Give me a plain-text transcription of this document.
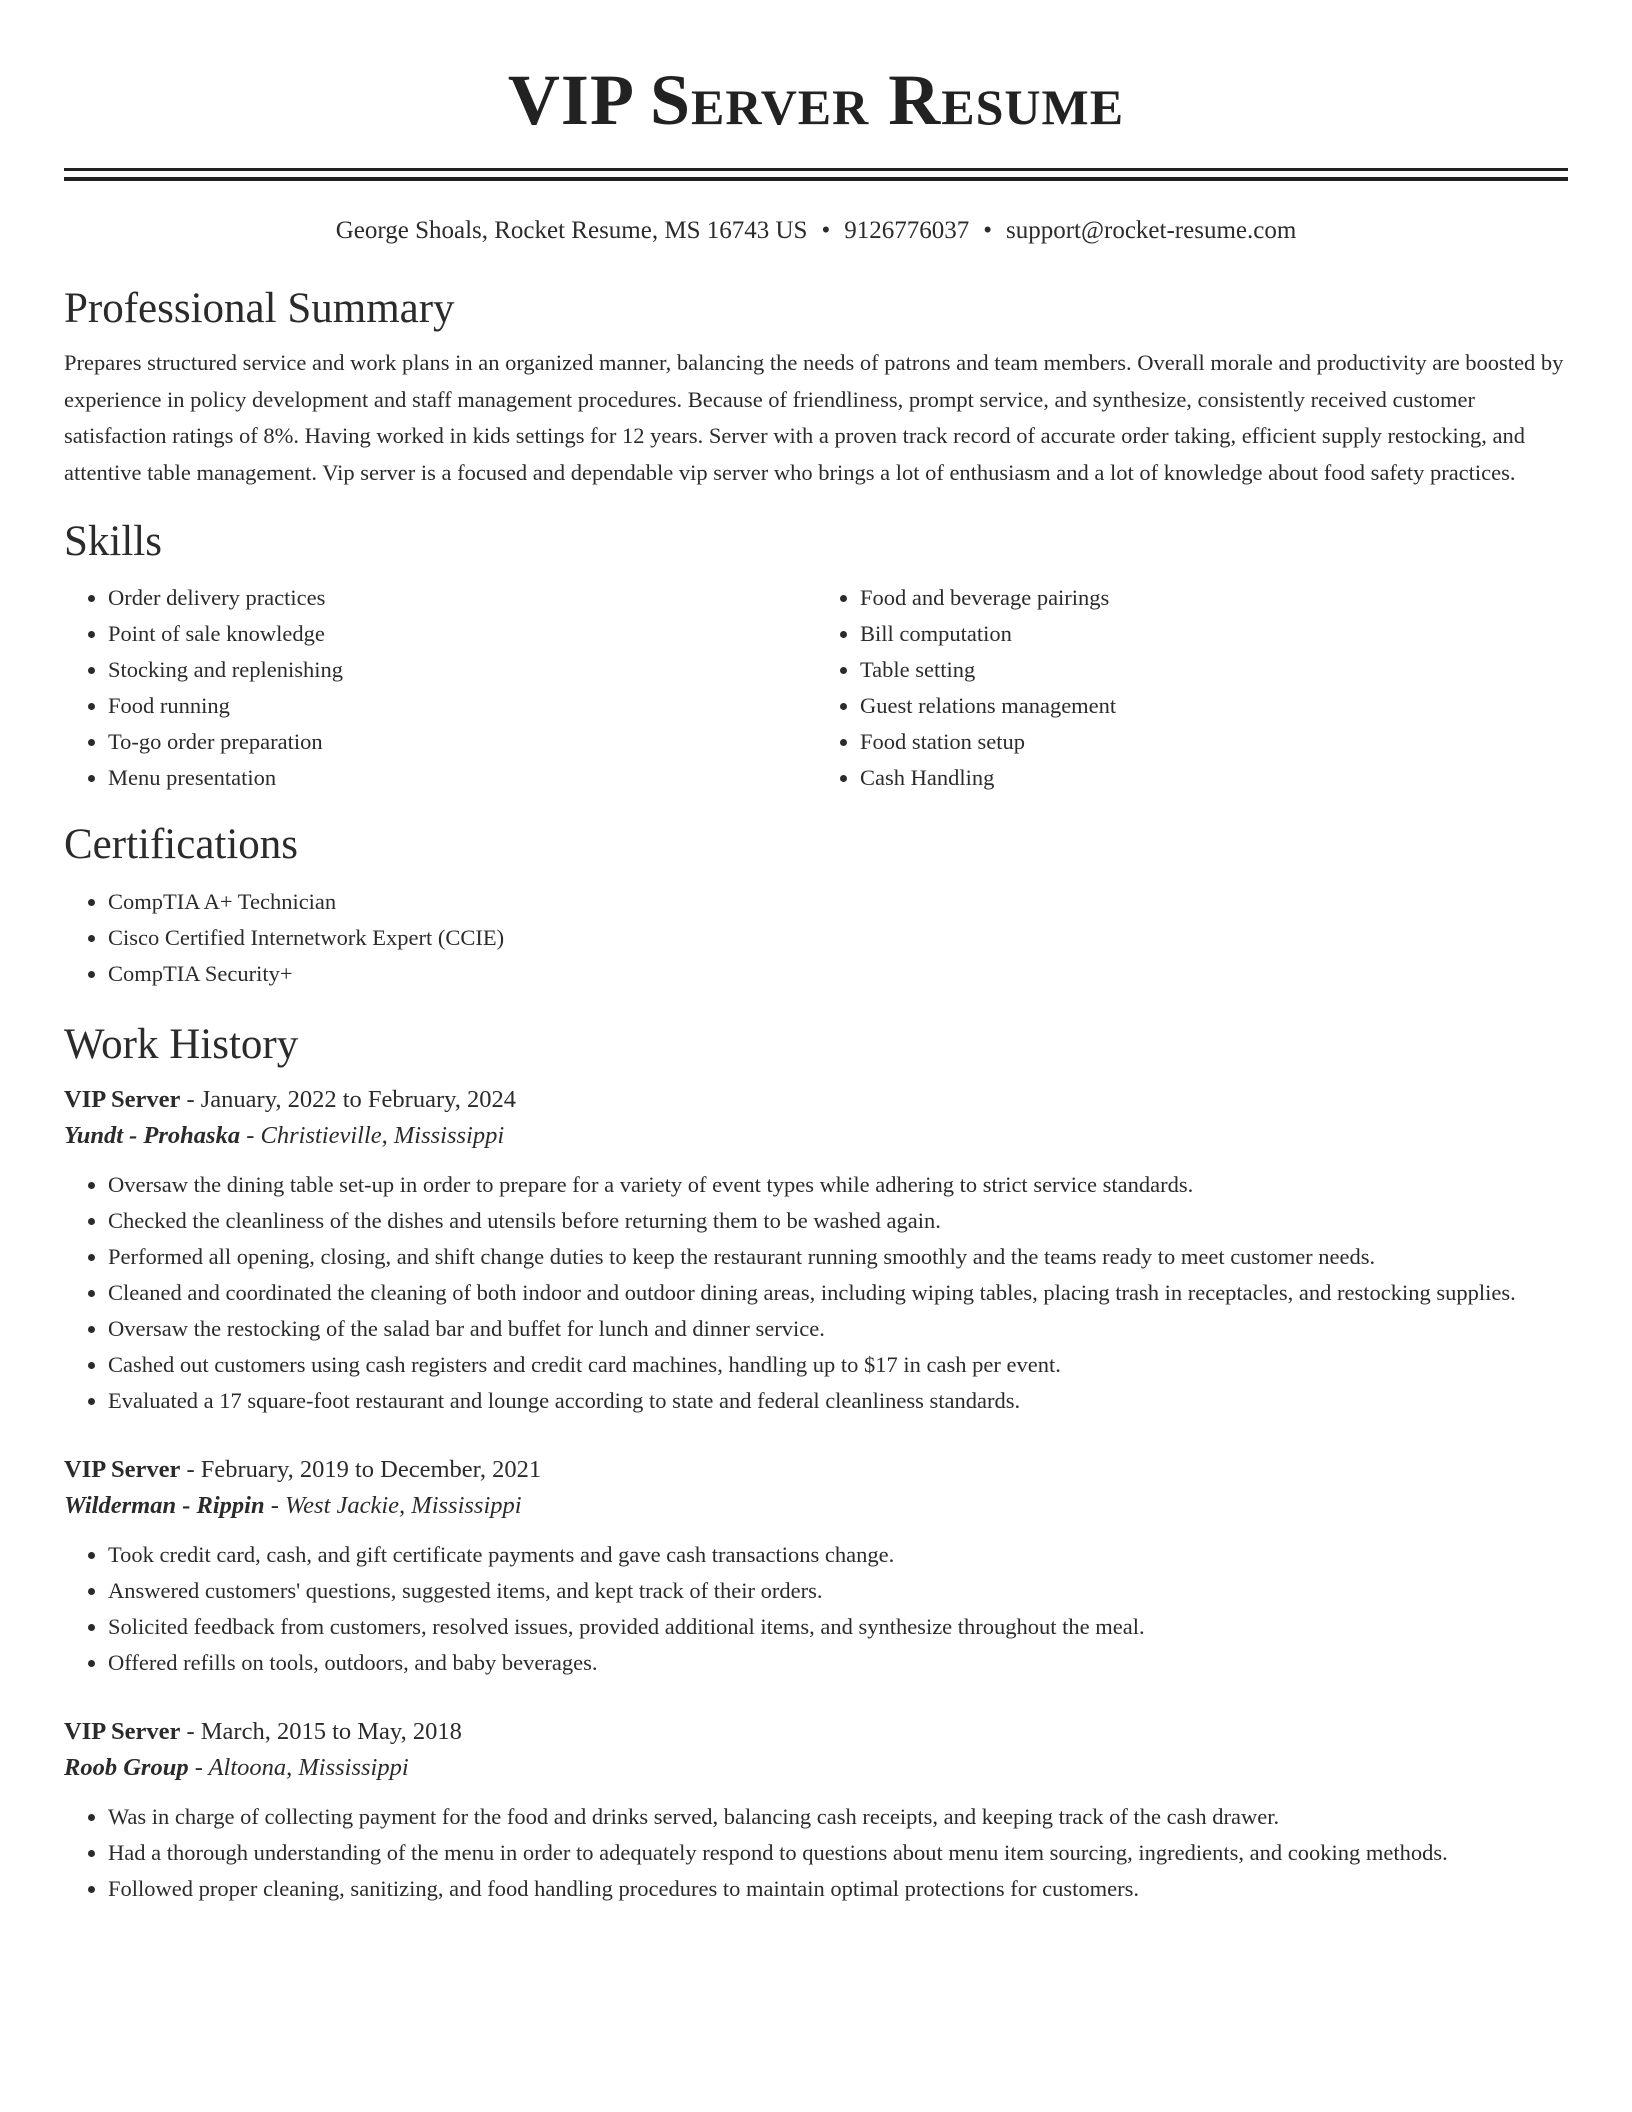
VIP Server Resume
George Shoals, Rocket Resume, MS 16743 US • 9126776037 • support@rocket-resume.com
Professional Summary

Prepares structured service and work plans in an organized manner, balancing the needs of patrons and team members. Overall morale and productivity are boosted by experience in policy development and staff management procedures. Because of friendliness, prompt service, and synthesize, consistently received customer satisfaction ratings of 8%. Having worked in kids settings for 12 years. Server with a proven track record of accurate order taking, efficient supply restocking, and attentive table management. Vip server is a focused and dependable vip server who brings a lot of enthusiasm and a lot of knowledge about food safety practices.

Skills
• Order delivery practices
• Point of sale knowledge
• Stocking and replenishing
• Food running
• To-go order preparation
• Menu presentation
• Food and beverage pairings
• Bill computation
• Table setting
• Guest relations management
• Food station setup
• Cash Handling
Certifications
• CompTIA A+ Technician
• Cisco Certified Internetwork Expert (CCIE)
• CompTIA Security+
Work History

VIP Server - January, 2022 to February, 2024

Yundt - Prohaska - Christieville, Mississippi

• Oversaw the dining table set-up in order to prepare for a variety of event types while adhering to strict service standards.
• Checked the cleanliness of the dishes and utensils before returning them to be washed again.
• Performed all opening, closing, and shift change duties to keep the restaurant running smoothly and the teams ready to meet customer needs.
• Cleaned and coordinated the cleaning of both indoor and outdoor dining areas, including wiping tables, placing trash in receptacles, and restocking supplies.
• Oversaw the restocking of the salad bar and buffet for lunch and dinner service.
• Cashed out customers using cash registers and credit card machines, handling up to $17 in cash per event.
• Evaluated a 17 square-foot restaurant and lounge according to state and federal cleanliness standards.

VIP Server - February, 2019 to December, 2021

Wilderman - Rippin - West Jackie, Mississippi

• Took credit card, cash, and gift certificate payments and gave cash transactions change.
• Answered customers' questions, suggested items, and kept track of their orders.
• Solicited feedback from customers, resolved issues, provided additional items, and synthesize throughout the meal.
• Offered refills on tools, outdoors, and baby beverages.

VIP Server - March, 2015 to May, 2018

Roob Group - Altoona, Mississippi

• Was in charge of collecting payment for the food and drinks served, balancing cash receipts, and keeping track of the cash drawer.
• Had a thorough understanding of the menu in order to adequately respond to questions about menu item sourcing, ingredients, and cooking methods.
• Followed proper cleaning, sanitizing, and food handling procedures to maintain optimal protections for customers.
